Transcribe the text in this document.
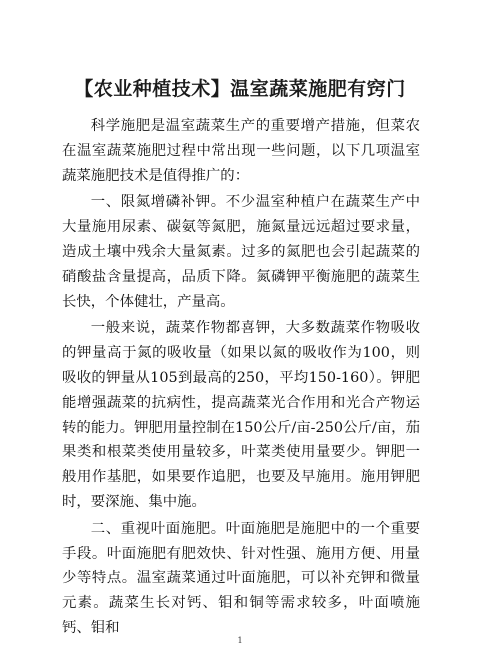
【农业种植技术】温室蔬菜施肥有窍门

科学施肥是温室蔬菜生产的重要增产措施，但菜农在温室蔬菜施肥过程中常出现一些问题，以下几项温室蔬菜施肥技术是值得推广的：

一、限氮增磷补钾。不少温室种植户在蔬菜生产中大量施用尿素、碳氨等氮肥，施氮量远远超过要求量，造成土壤中残余大量氮素。过多的氮肥也会引起蔬菜的硝酸盐含量提高，品质下降。氮磷钾平衡施肥的蔬菜生长快，个体健壮，产量高。

一般来说，蔬菜作物都喜钾，大多数蔬菜作物吸收的钾量高于氮的吸收量（如果以氮的吸收作为100，则吸收的钾量从105到最高的250，平均150-160）。钾肥能增强蔬菜的抗病性，提高蔬菜光合作用和光合产物运转的能力。钾肥用量控制在150公斤/亩-250公斤/亩，茄果类和根菜类使用量较多，叶菜类使用量要少。钾肥一般用作基肥，如果要作追肥，也要及早施用。施用钾肥时，要深施、集中施。

二、重视叶面施肥。叶面施肥是施肥中的一个重要手段。叶面施肥有肥效快、针对性强、施用方便、用量少等特点。温室蔬菜通过叶面施肥，可以补充钾和微量元素。蔬菜生长对钙、钼和铜等需求较多，叶面喷施钙、钼和

1
